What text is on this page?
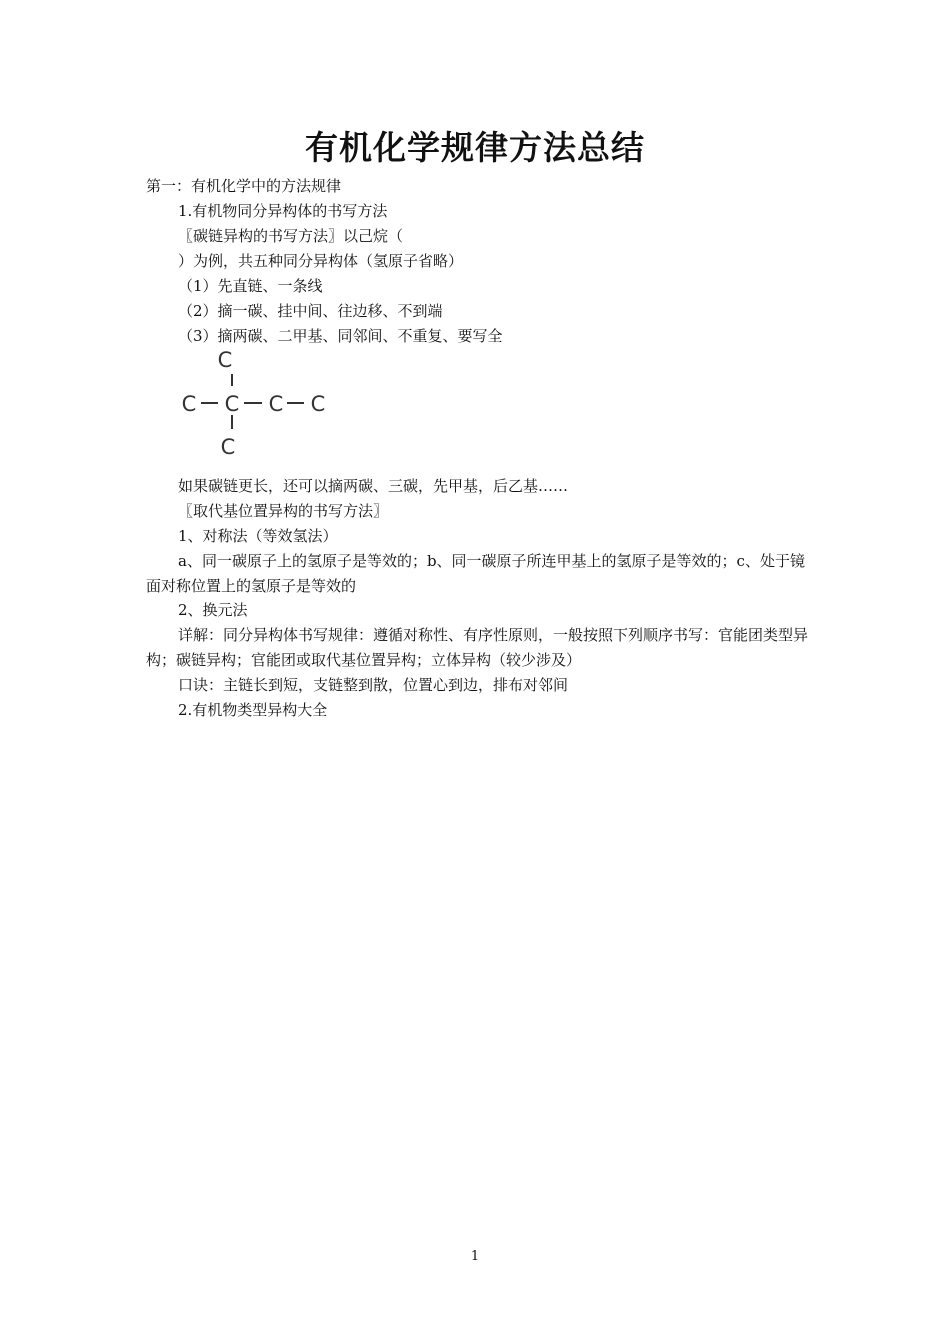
有机化学规律方法总结
第一：有机化学中的方法规律
1.有机物同分异构体的书写方法
〖碳链异构的书写方法〗以己烷（
）为例，共五种同分异构体（氢原子省略）
（1）先直链、一条线
（2）摘一碳、挂中间、往边移、不到端
（3）摘两碳、二甲基、同邻间、不重复、要写全
C
C C C C
C
如果碳链更长，还可以摘两碳、三碳，先甲基，后乙基……
〖取代基位置异构的书写方法〗
1、对称法（等效氢法）
a、同一碳原子上的氢原子是等效的；b、同一碳原子所连甲基上的氢原子是等效的；c、处于镜面对称位置上的氢原子是等效的
2、换元法
详解：同分异构体书写规律：遵循对称性、有序性原则，一般按照下列顺序书写：官能团类型异构；碳链异构；官能团或取代基位置异构；立体异构（较少涉及）
口诀：主链长到短，支链整到散，位置心到边，排布对邻间
2.有机物类型异构大全
1
